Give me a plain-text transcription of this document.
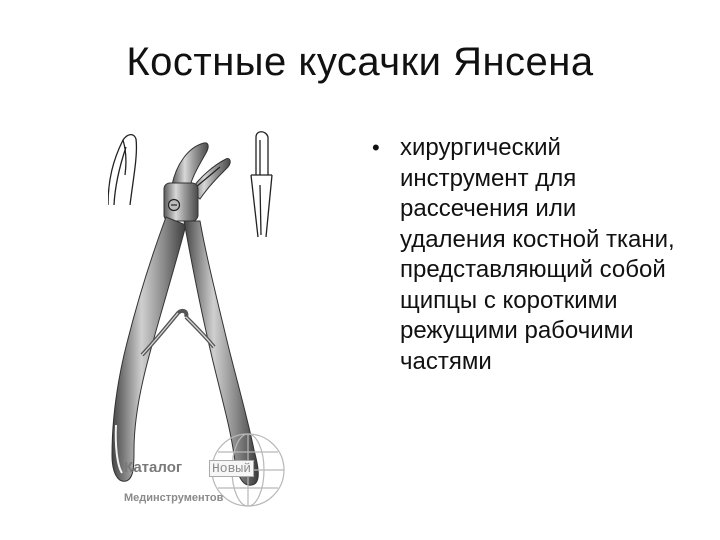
Костные кусачки Янсена
Каталог Новый
Мединструментов
• хирургический инструмент для рассечения или удаления костной ткани, представляющий собой щипцы с короткими режущими рабочими частями
